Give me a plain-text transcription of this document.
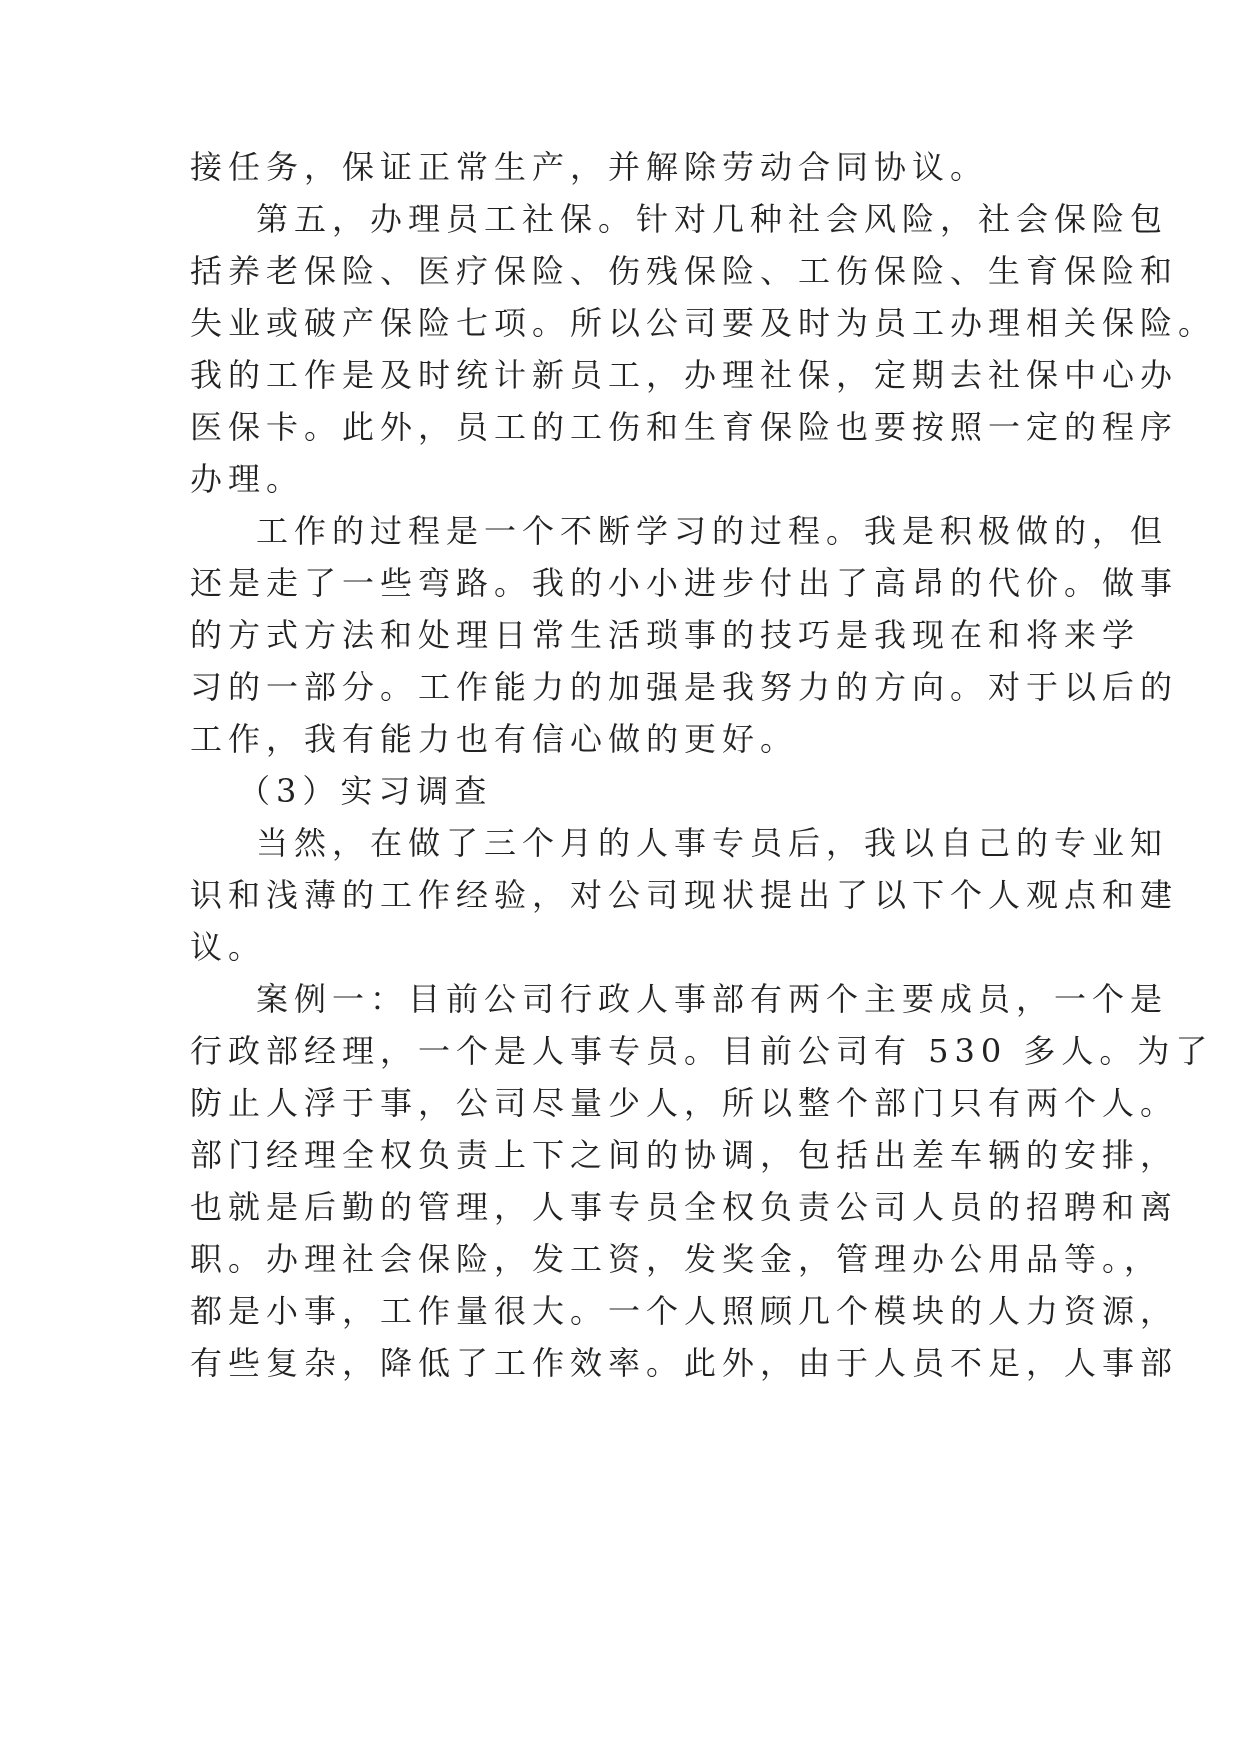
接任务，保证正常生产，并解除劳动合同协议。
第五，办理员工社保。针对几种社会风险，社会保险包
括养老保险、医疗保险、伤残保险、工伤保险、生育保险和
失业或破产保险七项。所以公司要及时为员工办理相关保险。
我的工作是及时统计新员工，办理社保，定期去社保中心办
医保卡。此外，员工的工伤和生育保险也要按照一定的程序
办理。
工作的过程是一个不断学习的过程。我是积极做的，但
还是走了一些弯路。我的小小进步付出了高昂的代价。做事
的方式方法和处理日常生活琐事的技巧是我现在和将来学
习的一部分。工作能力的加强是我努力的方向。对于以后的
工作，我有能力也有信心做的更好。
（3）实习调查
当然，在做了三个月的人事专员后，我以自己的专业知
识和浅薄的工作经验，对公司现状提出了以下个人观点和建
议。
案例一：目前公司行政人事部有两个主要成员，一个是
行政部经理，一个是人事专员。目前公司有 530 多人。为了
防止人浮于事，公司尽量少人，所以整个部门只有两个人。
部门经理全权负责上下之间的协调，包括出差车辆的安排，
也就是后勤的管理，人事专员全权负责公司人员的招聘和离
职。办理社会保险，发工资，发奖金，管理办公用品等。，
都是小事，工作量很大。一个人照顾几个模块的人力资源，
有些复杂，降低了工作效率。此外，由于人员不足，人事部
